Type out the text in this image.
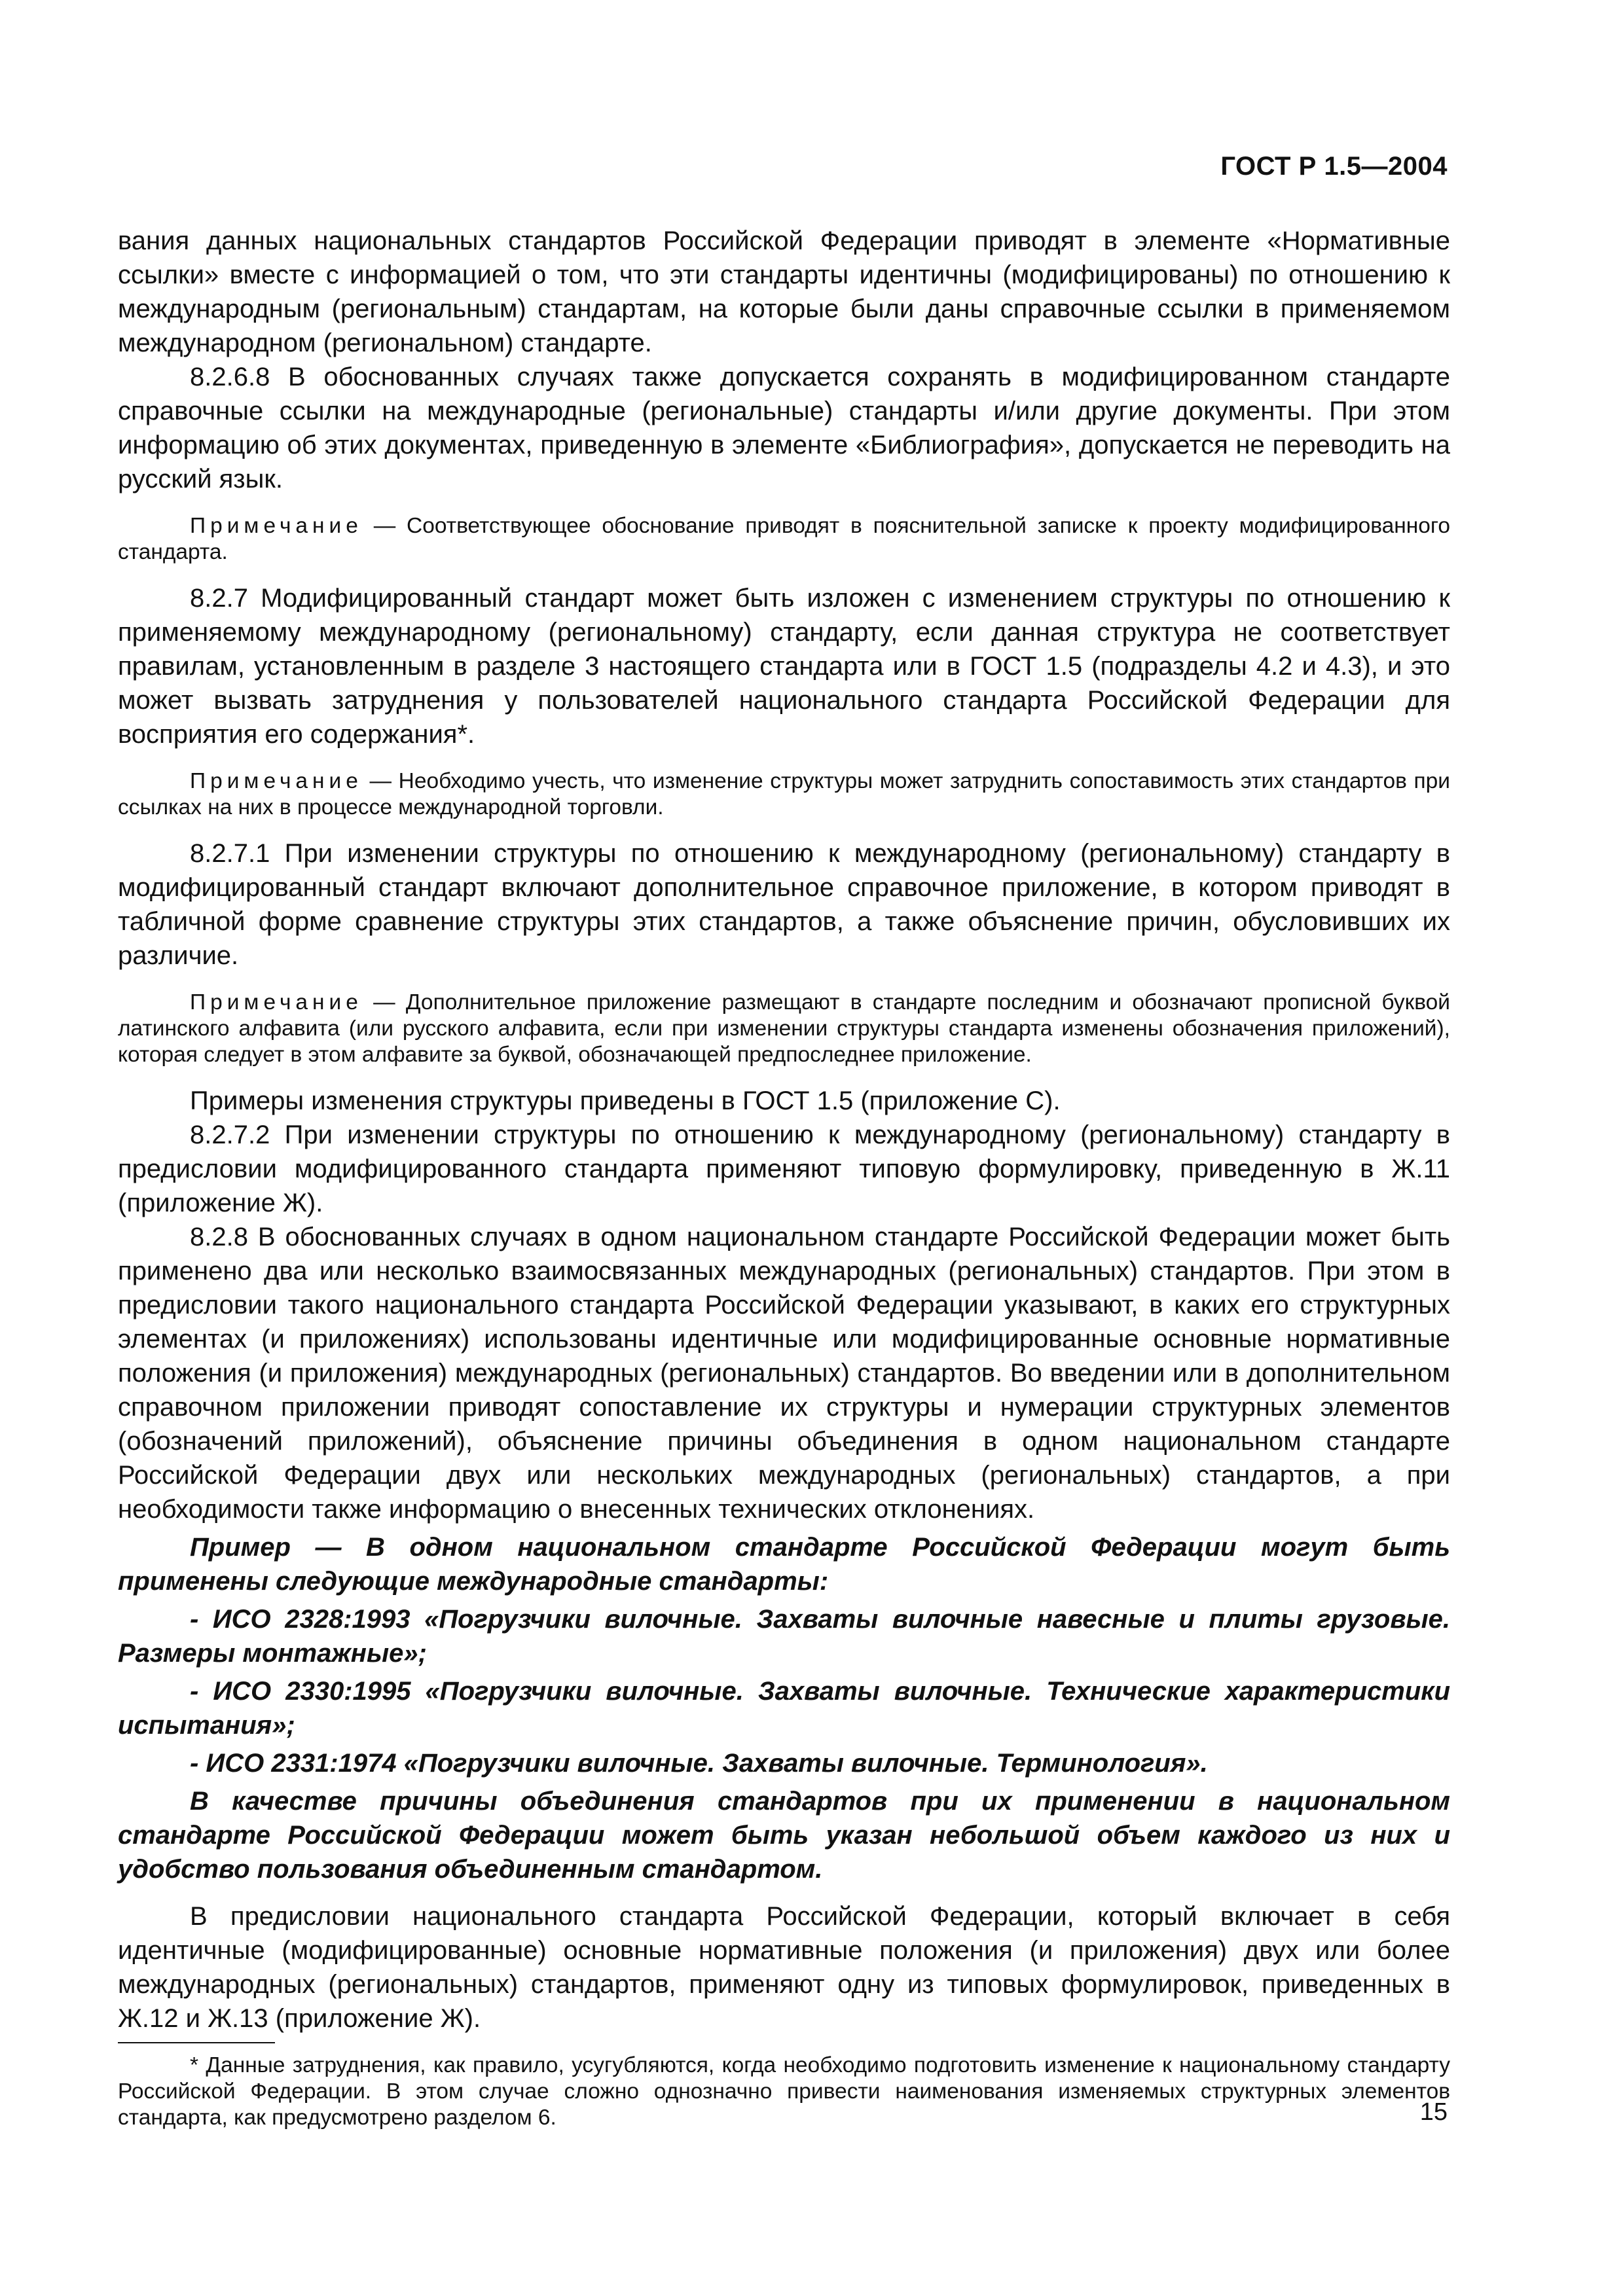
ГОСТ Р 1.5—2004

вания данных национальных стандартов Российской Федерации приводят в элементе «Нормативные ссылки» вместе с информацией о том, что эти стандарты идентичны (модифицированы) по отношению к международным (региональным) стандартам, на которые были даны справочные ссылки в применяемом международном (региональном) стандарте.

8.2.6.8 В обоснованных случаях также допускается сохранять в модифицированном стандарте справочные ссылки на международные (региональные) стандарты и/или другие документы. При этом информацию об этих документах, приведенную в элементе «Библиография», допускается не переводить на русский язык.

Примечание — Соответствующее обоснование приводят в пояснительной записке к проекту модифицированного стандарта.

8.2.7 Модифицированный стандарт может быть изложен с изменением структуры по отношению к применяемому международному (региональному) стандарту, если данная структура не соответствует правилам, установленным в разделе 3 настоящего стандарта или в ГОСТ 1.5 (подразделы 4.2 и 4.3), и это может вызвать затруднения у пользователей национального стандарта Российской Федерации для восприятия его содержания*.

Примечание — Необходимо учесть, что изменение структуры может затруднить сопоставимость этих стандартов при ссылках на них в процессе международной торговли.

8.2.7.1 При изменении структуры по отношению к международному (региональному) стандарту в модифицированный стандарт включают дополнительное справочное приложение, в котором приводят в табличной форме сравнение структуры этих стандартов, а также объяснение причин, обусловивших их различие.

Примечание — Дополнительное приложение размещают в стандарте последним и обозначают прописной буквой латинского алфавита (или русского алфавита, если при изменении структуры стандарта изменены обозначения приложений), которая следует в этом алфавите за буквой, обозначающей предпоследнее приложение.

Примеры изменения структуры приведены в ГОСТ 1.5 (приложение С).

8.2.7.2 При изменении структуры по отношению к международному (региональному) стандарту в предисловии модифицированного стандарта применяют типовую формулировку, приведенную в Ж.11 (приложение Ж).

8.2.8 В обоснованных случаях в одном национальном стандарте Российской Федерации может быть применено два или несколько взаимосвязанных международных (региональных) стандартов. При этом в предисловии такого национального стандарта Российской Федерации указывают, в каких его структурных элементах (и приложениях) использованы идентичные или модифицированные основные нормативные положения (и приложения) международных (региональных) стандартов. Во введении или в дополнительном справочном приложении приводят сопоставление их структуры и нумерации структурных элементов (обозначений приложений), объяснение причины объединения в одном национальном стандарте Российской Федерации двух или нескольких международных (региональных) стандартов, а при необходимости также информацию о внесенных технических отклонениях.

Пример — В одном национальном стандарте Российской Федерации могут быть применены следующие международные стандарты:

- ИСО 2328:1993 «Погрузчики вилочные. Захваты вилочные навесные и плиты грузовые. Размеры монтажные»;

- ИСО 2330:1995 «Погрузчики вилочные. Захваты вилочные. Технические характеристики испытания»;

- ИСО 2331:1974 «Погрузчики вилочные. Захваты вилочные. Терминология».

В качестве причины объединения стандартов при их применении в национальном стандарте Российской Федерации может быть указан небольшой объем каждого из них и удобство пользования объединенным стандартом.

В предисловии национального стандарта Российской Федерации, который включает в себя идентичные (модифицированные) основные нормативные положения (и приложения) двух или более международных (региональных) стандартов, применяют одну из типовых формулировок, приведенных в Ж.12 и Ж.13 (приложение Ж).

* Данные затруднения, как правило, усугубляются, когда необходимо подготовить изменение к национальному стандарту Российской Федерации. В этом случае сложно однозначно привести наименования изменяемых структурных элементов стандарта, как предусмотрено разделом 6.	15
